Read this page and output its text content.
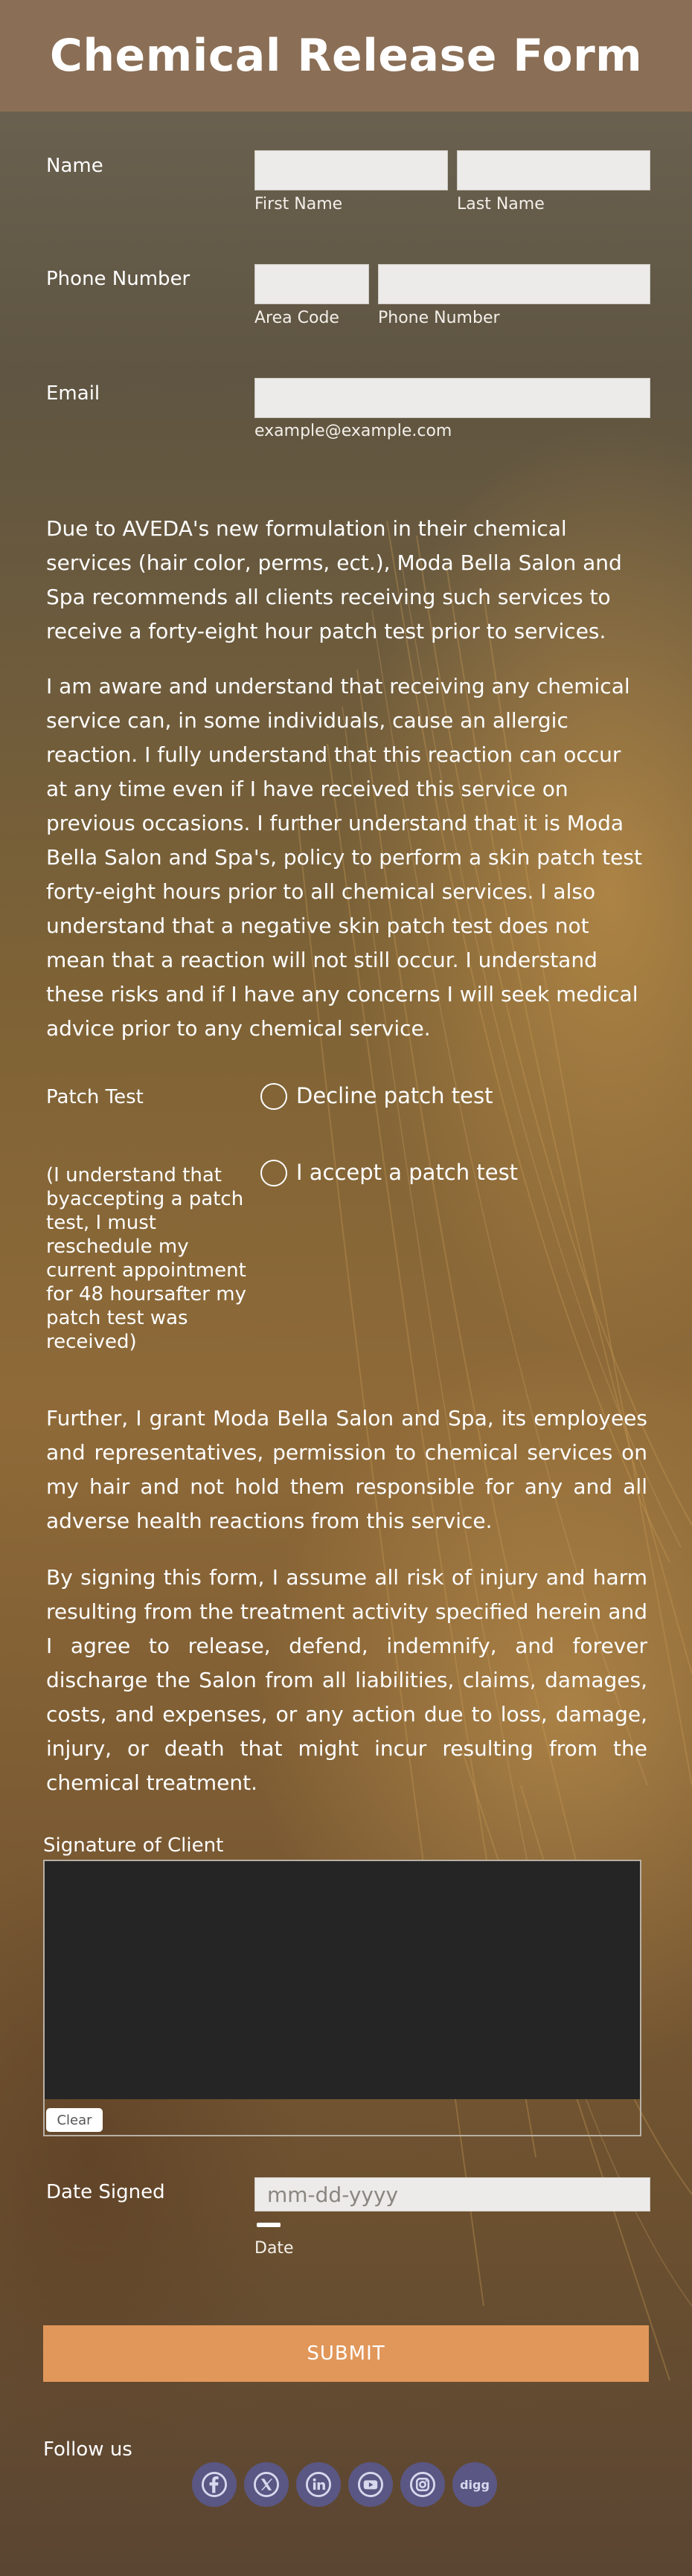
Chemical Release Form
Name
First Name	Last Name
Phone Number
Area Code Phone Number
Email
example@example.com

Due to AVEDA's new formulation in their chemical services (hair color, perms, ect.), Moda Bella Salon and Spa recommends all clients receiving such services to receive a forty-eight hour patch test prior to services.

I am aware and understand that receiving any chemical service can, in some individuals, cause an allergic reaction. I fully understand that this reaction can occur at any time even if I have received this service on previous occasions. I further understand that it is Moda Bella Salon and Spa's, policy to perform a skin patch test forty-eight hours prior to all chemical services. I also understand that a negative skin patch test does not mean that a reaction will not still occur. I understand these risks and if I have any concerns I will seek medical advice prior to any chemical service.

Patch Test
(I understand that byaccepting a patch test, I must reschedule my current appointment for 48 hoursafter my patch test was received)
Decline patch test
I accept a patch test

Further, I grant Moda Bella Salon and Spa, its employees and representatives, permission to chemical services on my hair and not hold them responsible for any and all adverse health reactions from this service.

By signing this form, I assume all risk of injury and harm resulting from the treatment activity specified herein and I agree to release, defend, indemnify, and forever discharge the Salon from all liabilities, claims, damages, costs, and expenses, or any action due to loss, damage, injury, or death that might incur resulting from the chemical treatment.

Signature of Client
Clear
Date Signed	mm-dd-yyyy
Date
SUBMIT
Follow us
digg
